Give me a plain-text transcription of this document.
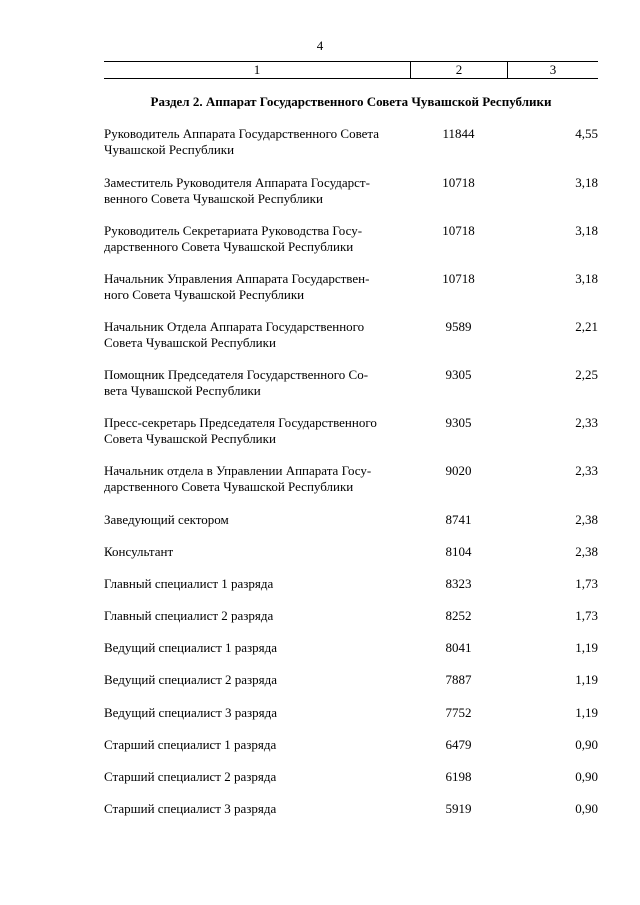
4
1	2	3
Раздел 2. Аппарат Государственного Совета Чувашской Республики
Руководитель Аппарата Государственного Совета
Чувашской Республики
11844	4,55
Заместитель Руководителя Аппарата Государст-
венного Совета Чувашской Республики
10718	3,18
Руководитель Секретариата Руководства Госу-
дарственного Совета Чувашской Республики
10718	3,18
Начальник Управления Аппарата Государствен-
ного Совета Чувашской Республики
10718	3,18
Начальник Отдела Аппарата Государственного
Совета Чувашской Республики
9589	2,21
Помощник Председателя Государственного Со-
вета Чувашской Республики
9305	2,25
Пресс-секретарь Председателя Государственного
Совета Чувашской Республики
9305	2,33
Начальник отдела в Управлении Аппарата Госу-
дарственного Совета Чувашской Республики
9020	2,33
Заведующий сектором	8741	2,38
Консультант	8104	2,38
Главный специалист 1 разряда	8323	1,73
Главный специалист 2 разряда	8252	1,73
Ведущий специалист 1 разряда	8041	1,19
Ведущий специалист 2 разряда	7887	1,19
Ведущий специалист 3 разряда	7752	1,19
Старший специалист 1 разряда	6479	0,90
Старший специалист 2 разряда	6198	0,90
Старший специалист 3 разряда	5919	0,90
